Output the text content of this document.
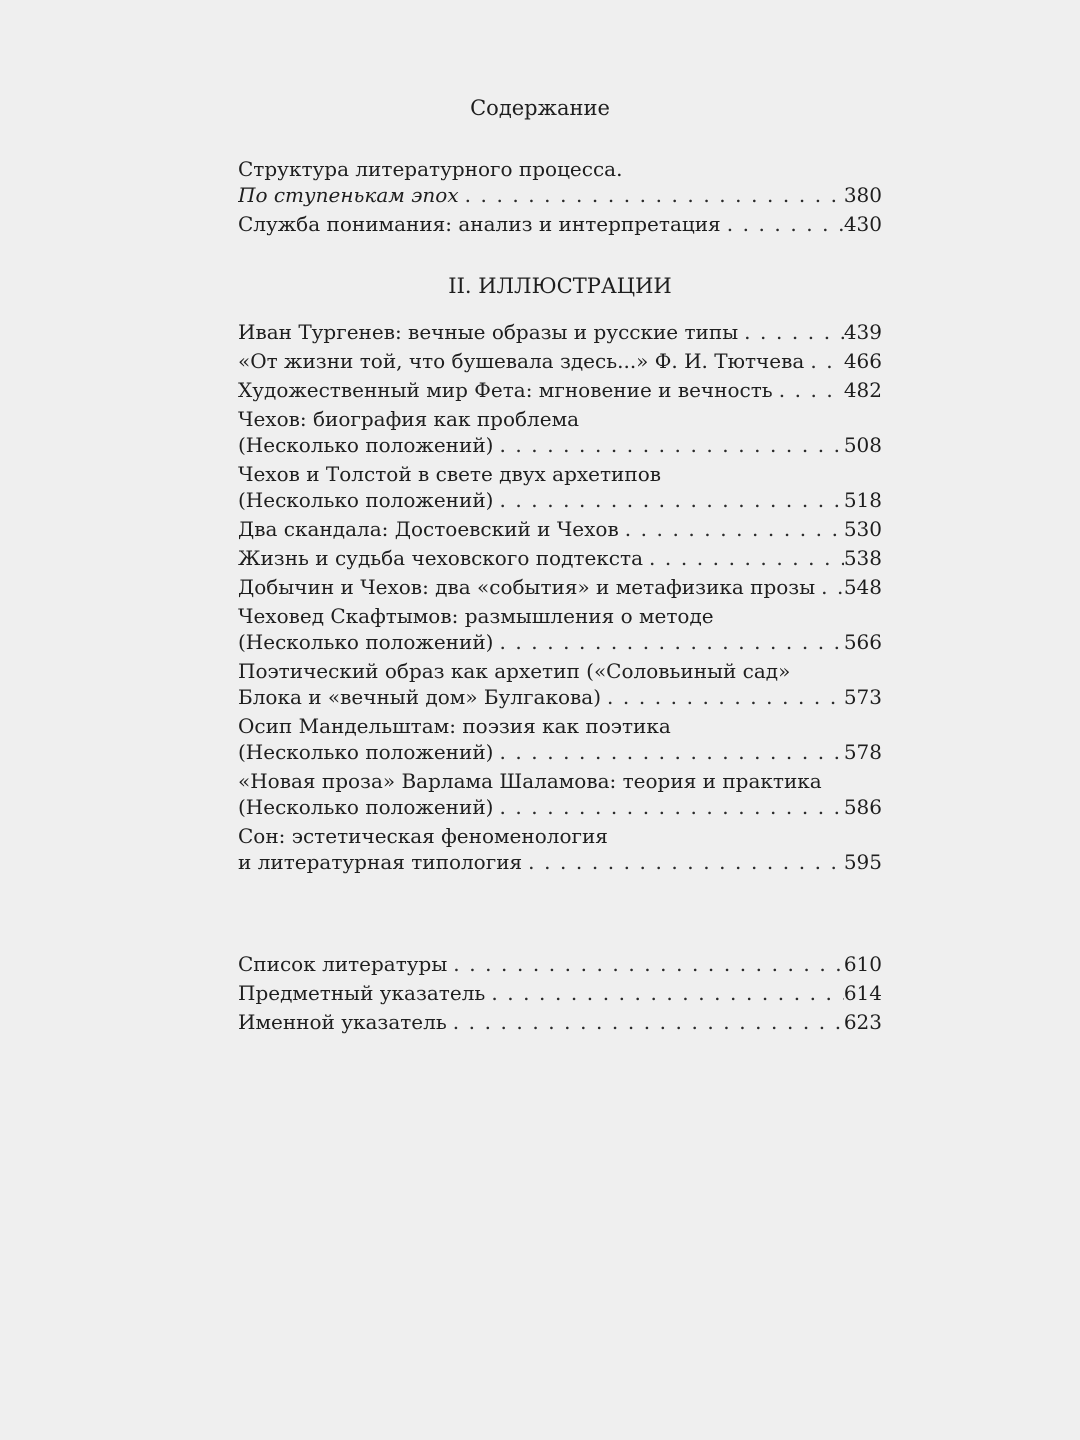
Содержание
Структура литературного процесса.
По ступенькам эпох . . .	380
Служба понимания: анализ и интерпретация . . .	430
II. ИЛЛЮСТРАЦИИ
Иван Тургенев: вечные образы и русские типы . . .	439
«От жизни той, что бушевала здесь...» Ф. И. Тютчева . . . 466
Художественный мир Фета: мгновение и вечность . . .	482
Чехов: биография как проблема
(Несколько положений) . . .	508
Чехов и Толстой в свете двух архетипов
(Несколько положений) . . .	518
Два скандала: Достоевский и Чехов . . .	530
Жизнь и судьба чеховского подтекста . . .	538
Добычин и Чехов: два «события» и метафизика прозы . . . 548
Чеховед Скафтымов: размышления о методе
(Несколько положений) . . .	566
Поэтический образ как архетип («Соловьиный сад»
Блока и «вечный дом» Булгакова) . . .	573
Осип Мандельштам: поэзия как поэтика
(Несколько положений) . . .	578
«Новая проза» Варлама Шаламова: теория и практика
(Несколько положений) . . .	586
Сон: эстетическая феноменология
и литературная типология . . .	595
Список литературы . . .	610
Предметный указатель . . .	614
Именной указатель . . .	623
